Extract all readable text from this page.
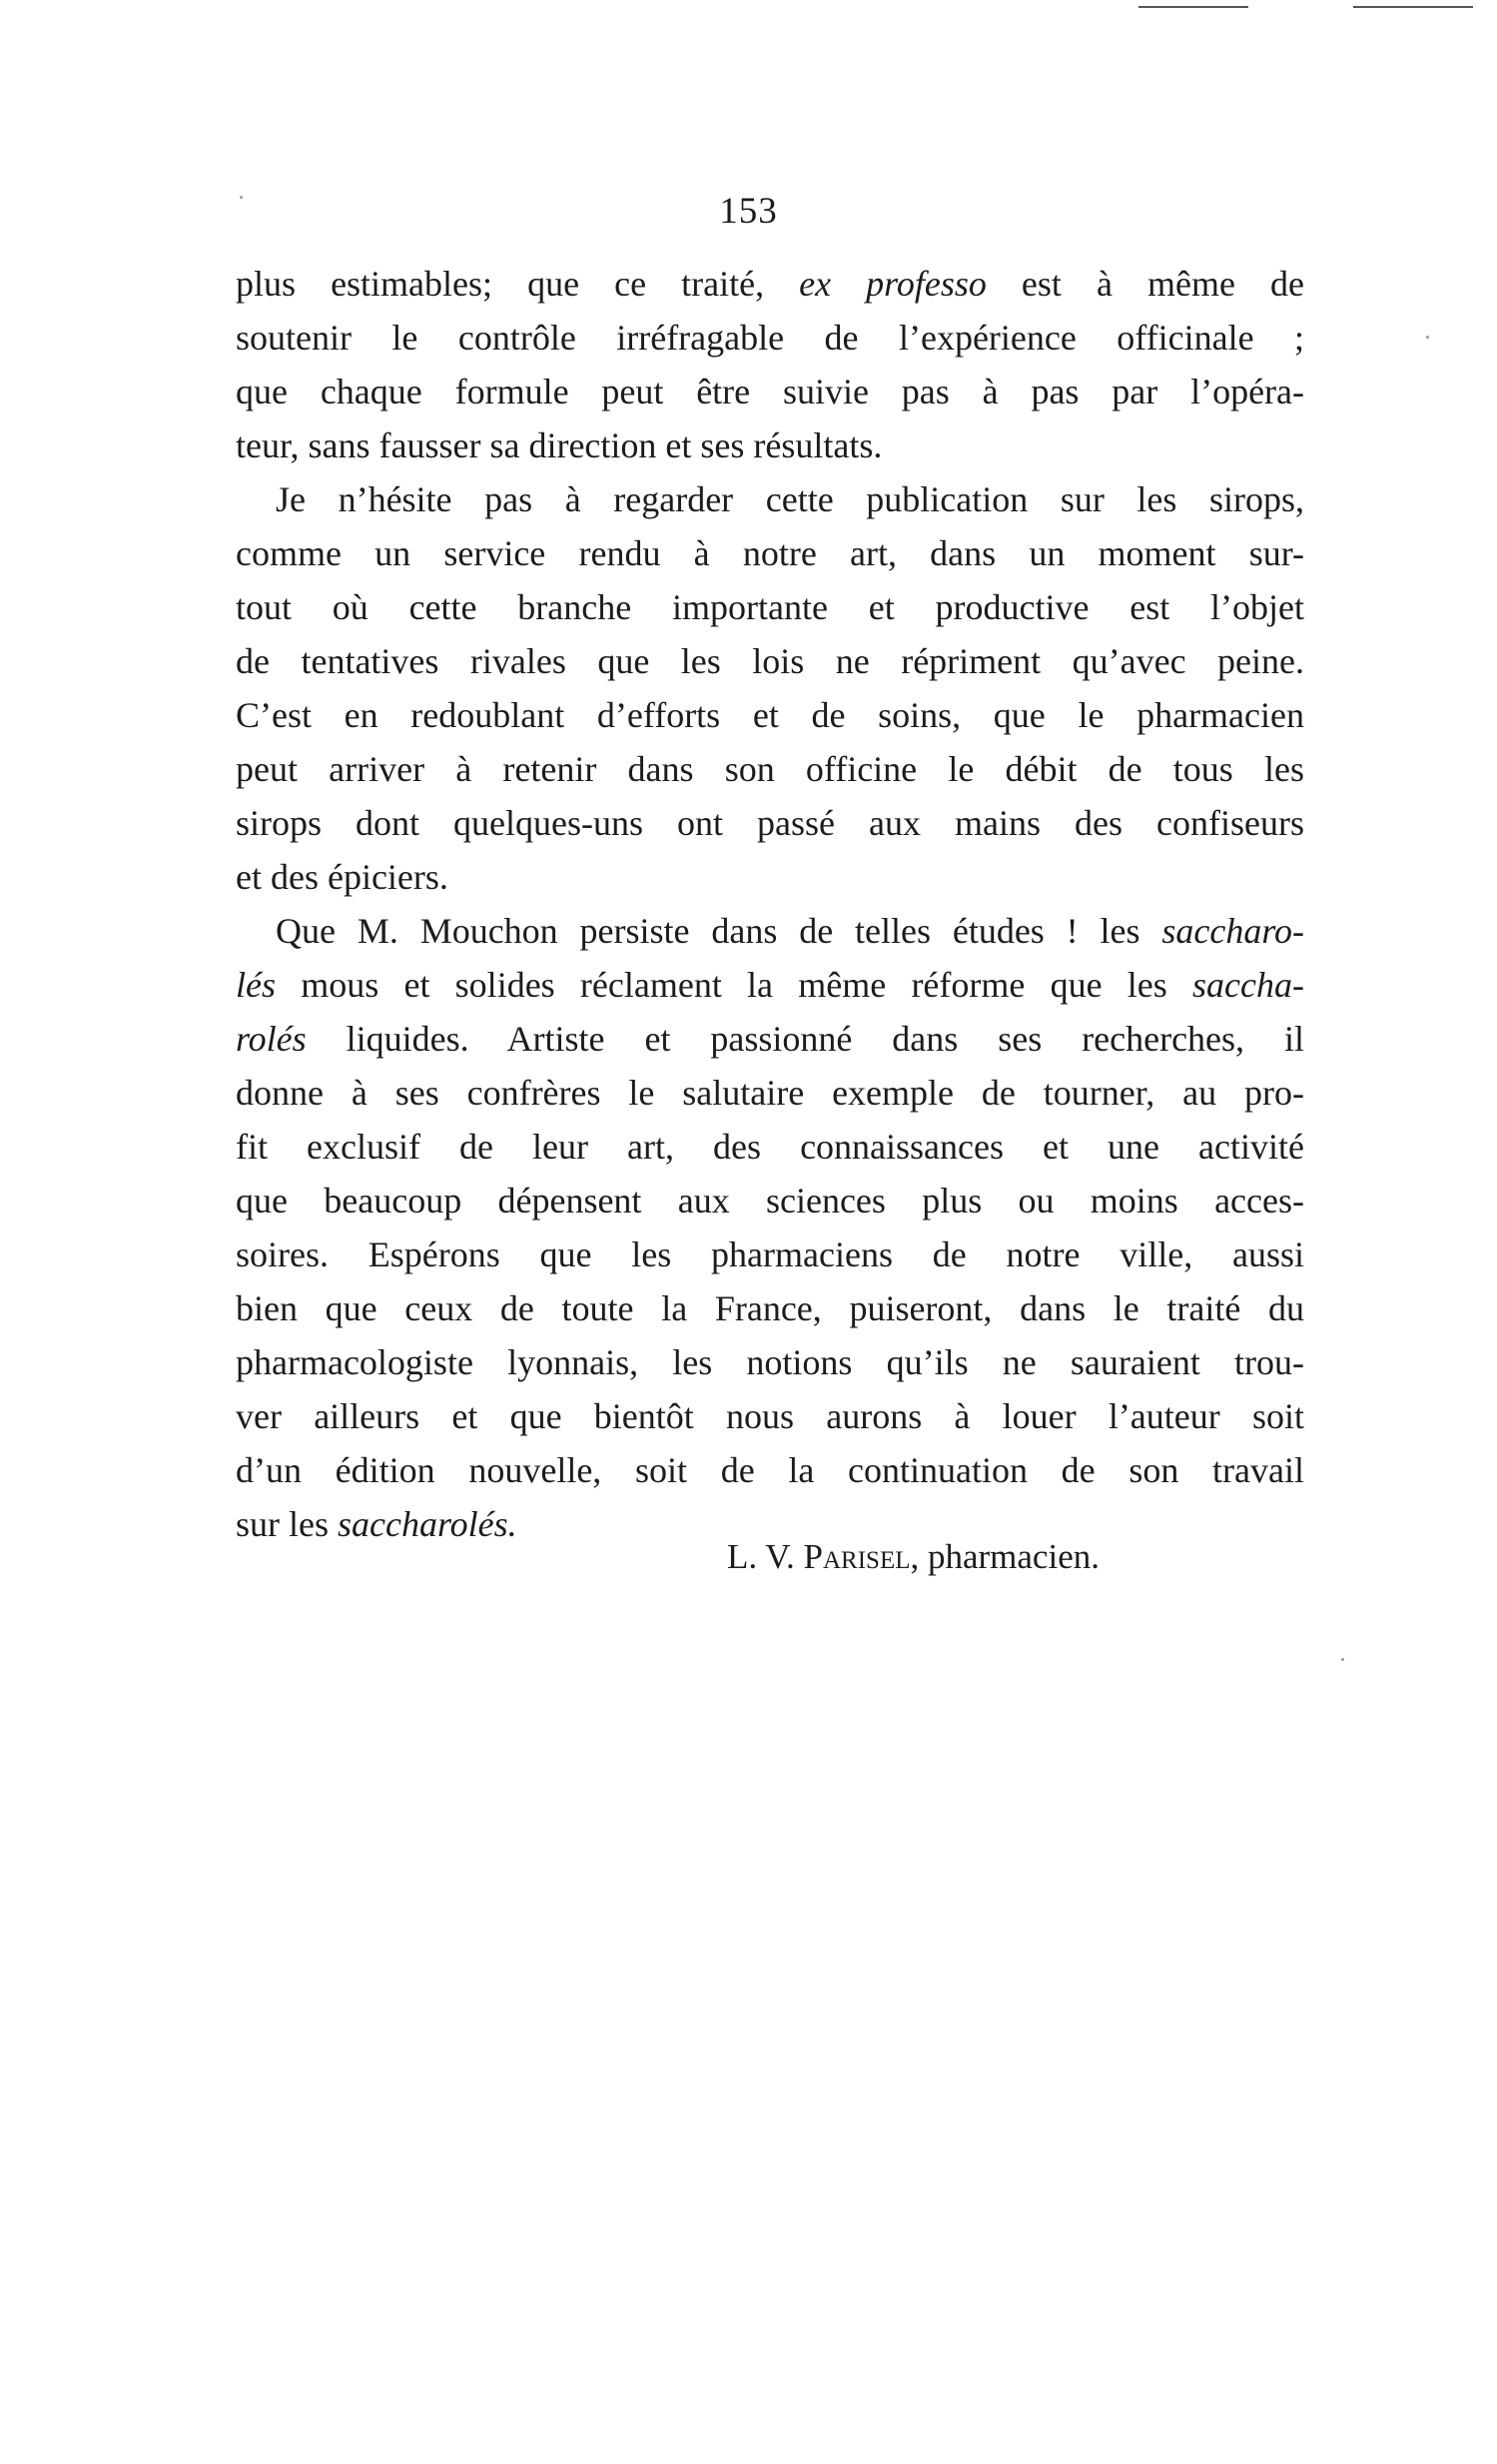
153
plus estimables; que ce traité, ex professo est à même de
soutenir le contrôle irréfragable de l’expérience officinale ;
que chaque formule peut être suivie pas à pas par l’opéra-
teur, sans fausser sa direction et ses résultats.
Je n’hésite pas à regarder cette publication sur les sirops,
comme un service rendu à notre art, dans un moment sur-
tout où cette branche importante et productive est l’objet
de tentatives rivales que les lois ne répriment qu’avec peine.
C’est en redoublant d’efforts et de soins, que le pharmacien
peut arriver à retenir dans son officine le débit de tous les
sirops dont quelques-uns ont passé aux mains des confiseurs
et des épiciers.
Que M. Mouchon persiste dans de telles études ! les saccharo-
lés mous et solides réclament la même réforme que les saccha-
rolés liquides. Artiste et passionné dans ses recherches, il
donne à ses confrères le salutaire exemple de tourner, au pro-
fit exclusif de leur art, des connaissances et une activité
que beaucoup dépensent aux sciences plus ou moins acces-
soires. Espérons que les pharmaciens de notre ville, aussi
bien que ceux de toute la France, puiseront, dans le traité du
pharmacologiste lyonnais, les notions qu’ils ne sauraient trou-
ver ailleurs et que bientôt nous aurons à louer l’auteur soit
d’un édition nouvelle, soit de la continuation de son travail
sur les saccharolés.
L. V. Parisel, pharmacien.
